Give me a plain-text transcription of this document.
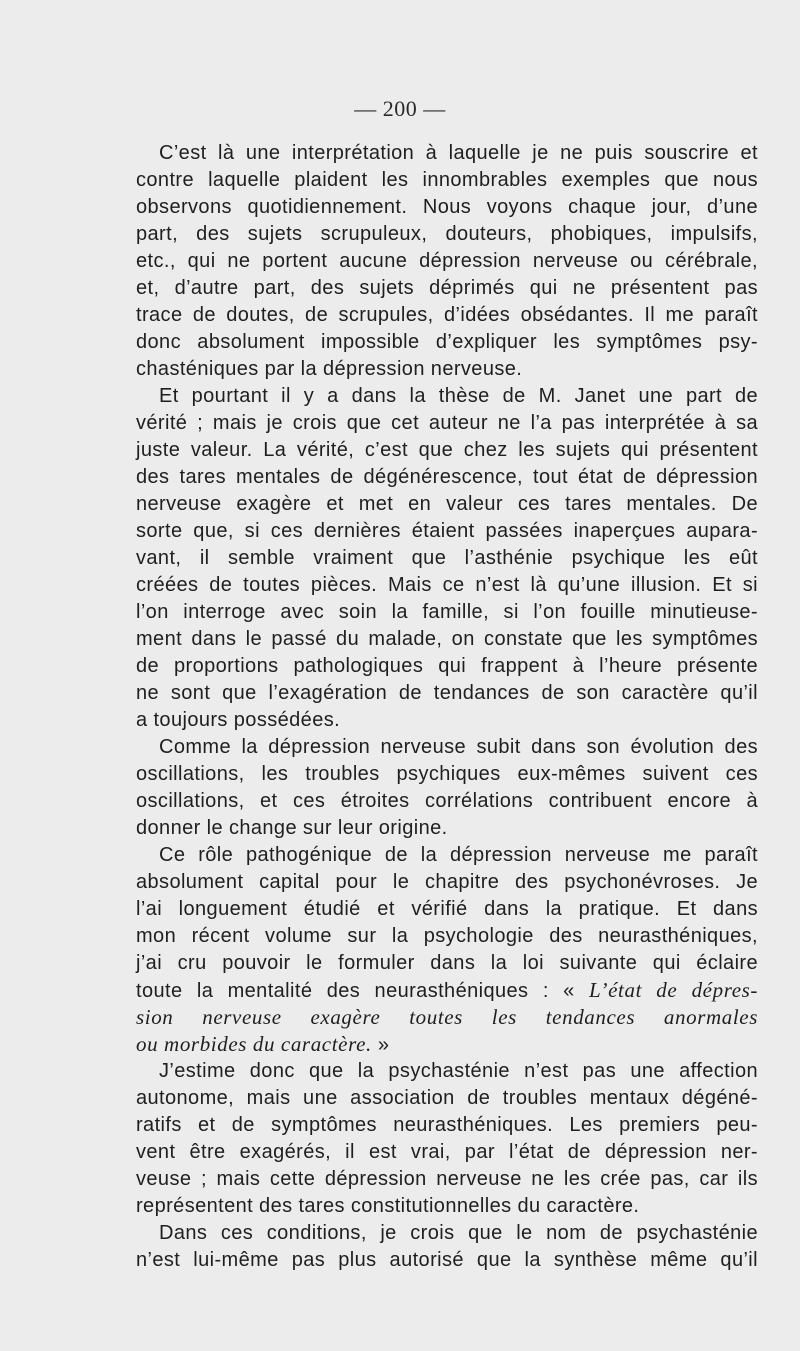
— 200 —
C’est là une interprétation à laquelle je ne puis souscrire et
contre laquelle plaident les innombrables exemples que nous
observons quotidiennement. Nous voyons chaque jour, d’une
part, des sujets scrupuleux, douteurs, phobiques, impulsifs,
etc., qui ne portent aucune dépression nerveuse ou cérébrale,
et, d’autre part, des sujets déprimés qui ne présentent pas
trace de doutes, de scrupules, d’idées obsédantes. Il me paraît
donc absolument impossible d’expliquer les symptômes psy-
chasténiques par la dépression nerveuse.
Et pourtant il y a dans la thèse de M. Janet une part de
vérité ; mais je crois que cet auteur ne l’a pas interprétée à sa
juste valeur. La vérité, c’est que chez les sujets qui présentent
des tares mentales de dégénérescence, tout état de dépression
nerveuse exagère et met en valeur ces tares mentales. De
sorte que, si ces dernières étaient passées inaperçues aupara-
vant, il semble vraiment que l’asthénie psychique les eût
créées de toutes pièces. Mais ce n’est là qu’une illusion. Et si
l’on interroge avec soin la famille, si l’on fouille minutieuse-
ment dans le passé du malade, on constate que les symptômes
de proportions pathologiques qui frappent à l’heure présente
ne sont que l’exagération de tendances de son caractère qu’il
a toujours possédées.
Comme la dépression nerveuse subit dans son évolution des
oscillations, les troubles psychiques eux-mêmes suivent ces
oscillations, et ces étroites corrélations contribuent encore à
donner le change sur leur origine.
Ce rôle pathogénique de la dépression nerveuse me paraît
absolument capital pour le chapitre des psychonévroses. Je
l’ai longuement étudié et vérifié dans la pratique. Et dans
mon récent volume sur la psychologie des neurasthéniques,
j’ai cru pouvoir le formuler dans la loi suivante qui éclaire
toute la mentalité des neurasthéniques : « L’état de dépres-
sion nerveuse exagère toutes les tendances anormales
ou morbides du caractère. »
J’estime donc que la psychasténie n’est pas une affection
autonome, mais une association de troubles mentaux dégéné-
ratifs et de symptômes neurasthéniques. Les premiers peu-
vent être exagérés, il est vrai, par l’état de dépression ner-
veuse ; mais cette dépression nerveuse ne les crée pas, car ils
représentent des tares constitutionnelles du caractère.
Dans ces conditions, je crois que le nom de psychasténie
n’est lui-même pas plus autorisé que la synthèse même qu’il
